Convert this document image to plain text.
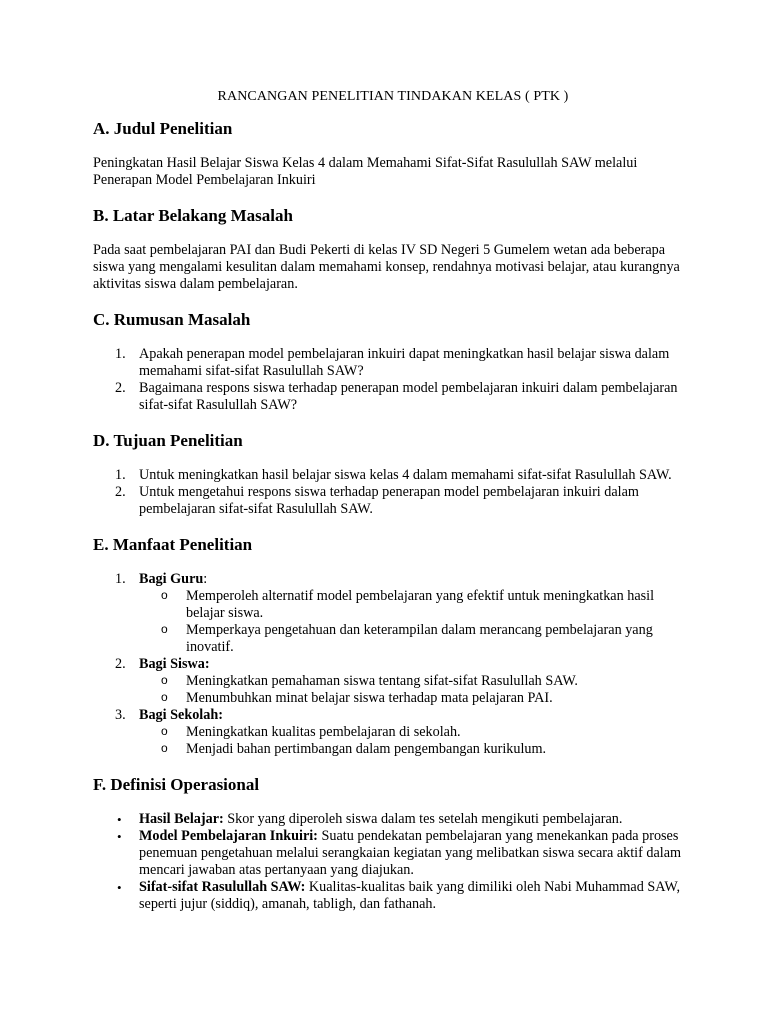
RANCANGAN PENELITIAN TINDAKAN KELAS ( PTK )
A. Judul Penelitian

Peningkatan Hasil Belajar Siswa Kelas 4 dalam Memahami Sifat-Sifat Rasulullah SAW melalui Penerapan Model Pembelajaran Inkuiri

B. Latar Belakang Masalah

Pada saat pembelajaran PAI dan Budi Pekerti di kelas IV SD Negeri 5 Gumelem wetan ada beberapa siswa yang mengalami kesulitan dalam memahami konsep, rendahnya motivasi belajar, atau kurangnya aktivitas siswa dalam pembelajaran.

C. Rumusan Masalah
1. Apakah penerapan model pembelajaran inkuiri dapat meningkatkan hasil belajar siswa dalam memahami sifat-sifat Rasulullah SAW?
2. Bagaimana respons siswa terhadap penerapan model pembelajaran inkuiri dalam pembelajaran sifat-sifat Rasulullah SAW?
D. Tujuan Penelitian
1. Untuk meningkatkan hasil belajar siswa kelas 4 dalam memahami sifat-sifat Rasulullah SAW.
2. Untuk mengetahui respons siswa terhadap penerapan model pembelajaran inkuiri dalam pembelajaran sifat-sifat Rasulullah SAW.
E. Manfaat Penelitian
1. Bagi Guru:
o Memperoleh alternatif model pembelajaran yang efektif untuk meningkatkan hasil belajar siswa.
o Memperkaya pengetahuan dan keterampilan dalam merancang pembelajaran yang inovatif.
2. Bagi Siswa:
o Meningkatkan pemahaman siswa tentang sifat-sifat Rasulullah SAW.
o Menumbuhkan minat belajar siswa terhadap mata pelajaran PAI.
3. Bagi Sekolah:
o Meningkatkan kualitas pembelajaran di sekolah.
o Menjadi bahan pertimbangan dalam pengembangan kurikulum.
F. Definisi Operasional
• Hasil Belajar: Skor yang diperoleh siswa dalam tes setelah mengikuti pembelajaran.
• Model Pembelajaran Inkuiri: Suatu pendekatan pembelajaran yang menekankan pada proses penemuan pengetahuan melalui serangkaian kegiatan yang melibatkan siswa secara aktif dalam mencari jawaban atas pertanyaan yang diajukan.
• Sifat-sifat Rasulullah SAW: Kualitas-kualitas baik yang dimiliki oleh Nabi Muhammad SAW, seperti jujur (siddiq), amanah, tabligh, dan fathanah.
